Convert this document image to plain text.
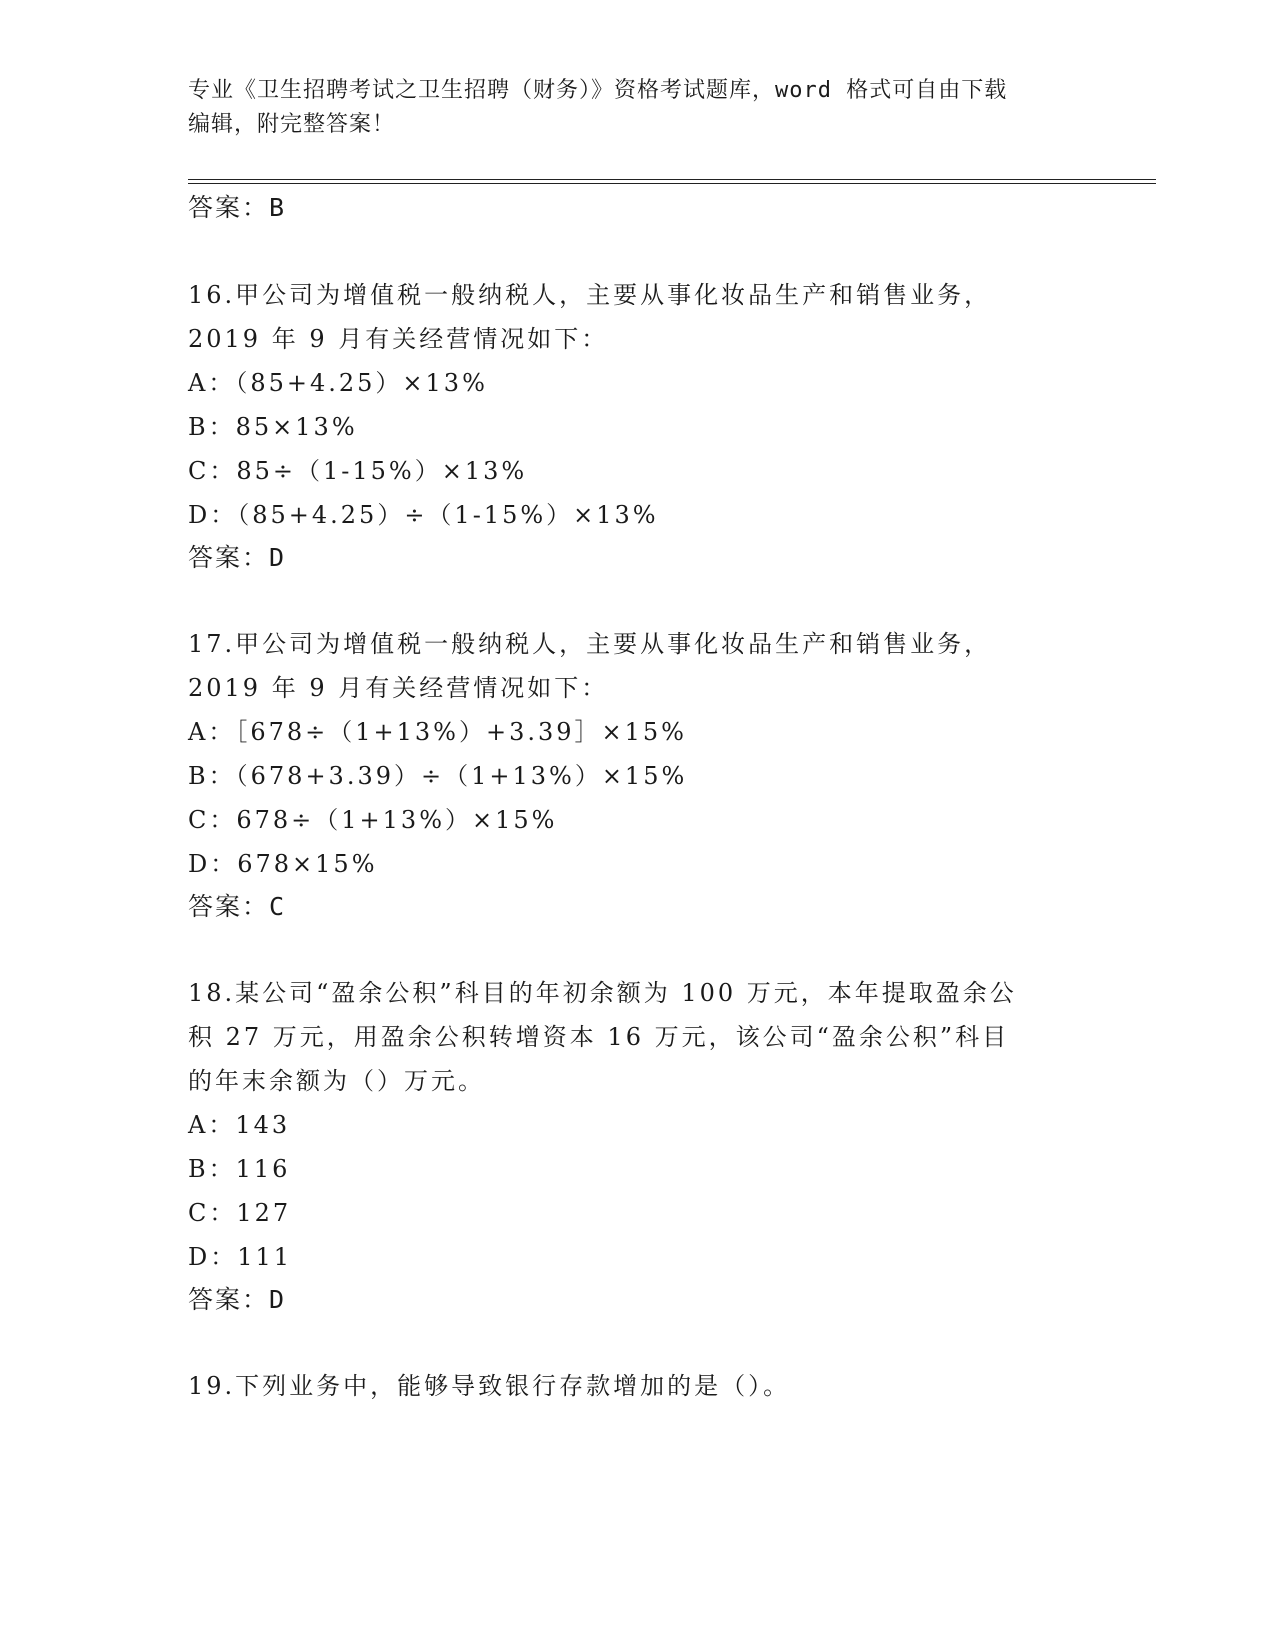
专业《卫生招聘考试之卫生招聘（财务）》资格考试题库，word 格式可自由下载
编辑，附完整答案！
答案：B
16.甲公司为增值税一般纳税人，主要从事化妆品生产和销售业务，
2019 年 9 月有关经营情况如下：
A：（85+4.25）×13%
B：85×13%
C：85÷（1-15%）×13%
D：（85+4.25）÷（1-15%）×13%
答案：D
17.甲公司为增值税一般纳税人，主要从事化妆品生产和销售业务，
2019 年 9 月有关经营情况如下：
A：［678÷（1+13%）+3.39］×15%
B：（678+3.39）÷（1+13%）×15%
C：678÷（1+13%）×15%
D：678×15%
答案：C
18.某公司“盈余公积”科目的年初余额为 100 万元，本年提取盈余公
积 27 万元，用盈余公积转增资本 16 万元，该公司“盈余公积”科目
的年末余额为（）万元。
A：143
B：116
C：127
D：111
答案：D
19.下列业务中，能够导致银行存款增加的是（）。
